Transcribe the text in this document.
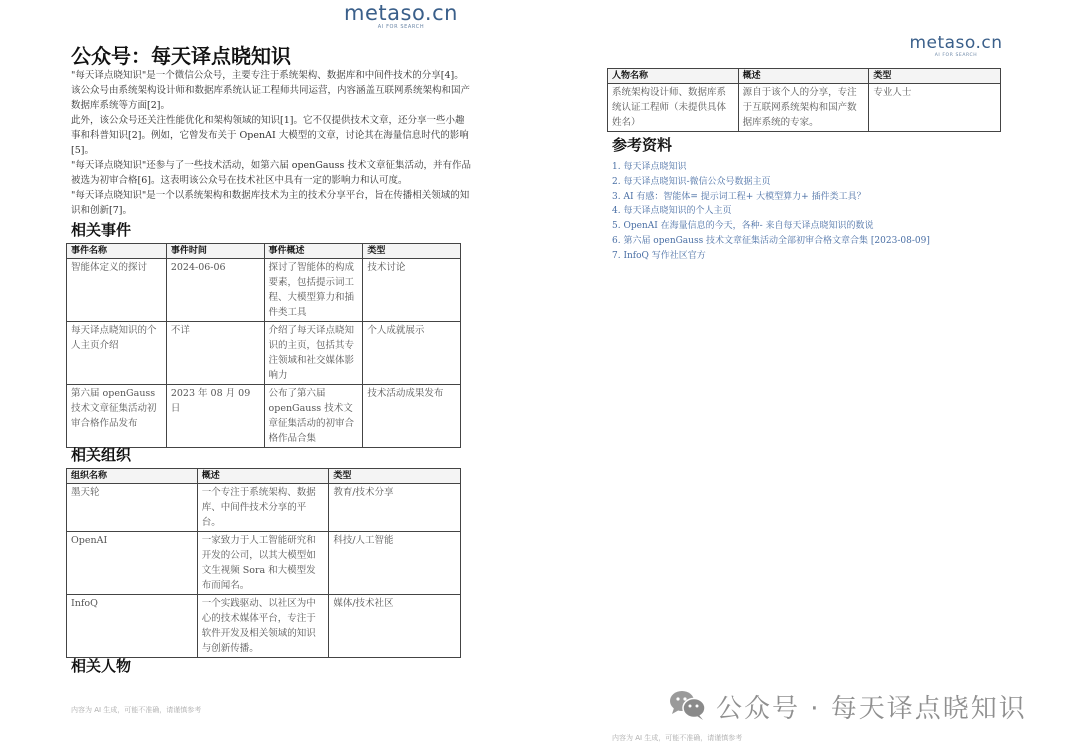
metaso.cn
AI FOR SEARCH
公众号：每天译点晓知识

"每天译点晓知识"是一个微信公众号，主要专注于系统架构、数据库和中间件技术的分享[4]。该公众号由系统架构设计师和数据库系统认证工程师共同运营，内容涵盖互联网系统架构和国产数据库系统等方面[2]。

此外，该公众号还关注性能优化和架构领域的知识[1]。它不仅提供技术文章，还分享一些小趣事和科普知识[2]。例如，它曾发布关于 OpenAI 大模型的文章，讨论其在海量信息时代的影响[5]。

"每天译点晓知识"还参与了一些技术活动，如第六届 openGauss 技术文章征集活动，并有作品被选为初审合格[6]。这表明该公众号在技术社区中具有一定的影响力和认可度。

"每天译点晓知识"是一个以系统架构和数据库技术为主的技术分享平台，旨在传播相关领域的知识和创新[7]。

相关事件
事件名称	事件时间	事件概述	类型
智能体定义的探讨	2024-06-06	探讨了智能体的构成要素，包括提示词工程、大模型算力和插件类工具	技术讨论
每天译点晓知识的个人主页介绍	不详	介绍了每天译点晓知识的主页，包括其专注领域和社交媒体影响力	个人成就展示
第六届 openGauss 技术文章征集活动初审合格作品发布	2023 年 08 月 09 日	公布了第六届 openGauss 技术文章征集活动的初审合格作品合集	技术活动成果发布
相关组织
组织名称	概述	类型
墨天轮	一个专注于系统架构、数据库、中间件技术分享的平台。	教育/技术分享
OpenAI	一家致力于人工智能研究和开发的公司，以其大模型如文生视频 Sora 和大模型发布而闻名。	科技/人工智能
InfoQ	一个实践驱动、以社区为中心的技术媒体平台，专注于软件开发及相关领域的知识与创新传播。	媒体/技术社区
相关人物
内容为 AI 生成，可能不准确，请谨慎参考
metaso.cn
AI FOR SEARCH
人物名称	概述	类型
系统架构设计师、数据库系统认证工程师（未提供具体姓名）	源自于该个人的分享，专注于互联网系统架构和国产数据库系统的专家。	专业人士
参考资料
1. 每天译点晓知识
2. 每天译点晓知识-微信公众号数据主页
3. AI 有感：智能体= 提示词工程+ 大模型算力+ 插件类工具？
4. 每天译点晓知识的个人主页
5. OpenAI 在海量信息的今天，各种- 来自每天译点晓知识的数说
6. 第六届 openGauss 技术文章征集活动全部初审合格文章合集 [2023-08-09]
7. InfoQ 写作社区官方
公众号 · 每天译点晓知识
内容为 AI 生成，可能不准确，请谨慎参考
